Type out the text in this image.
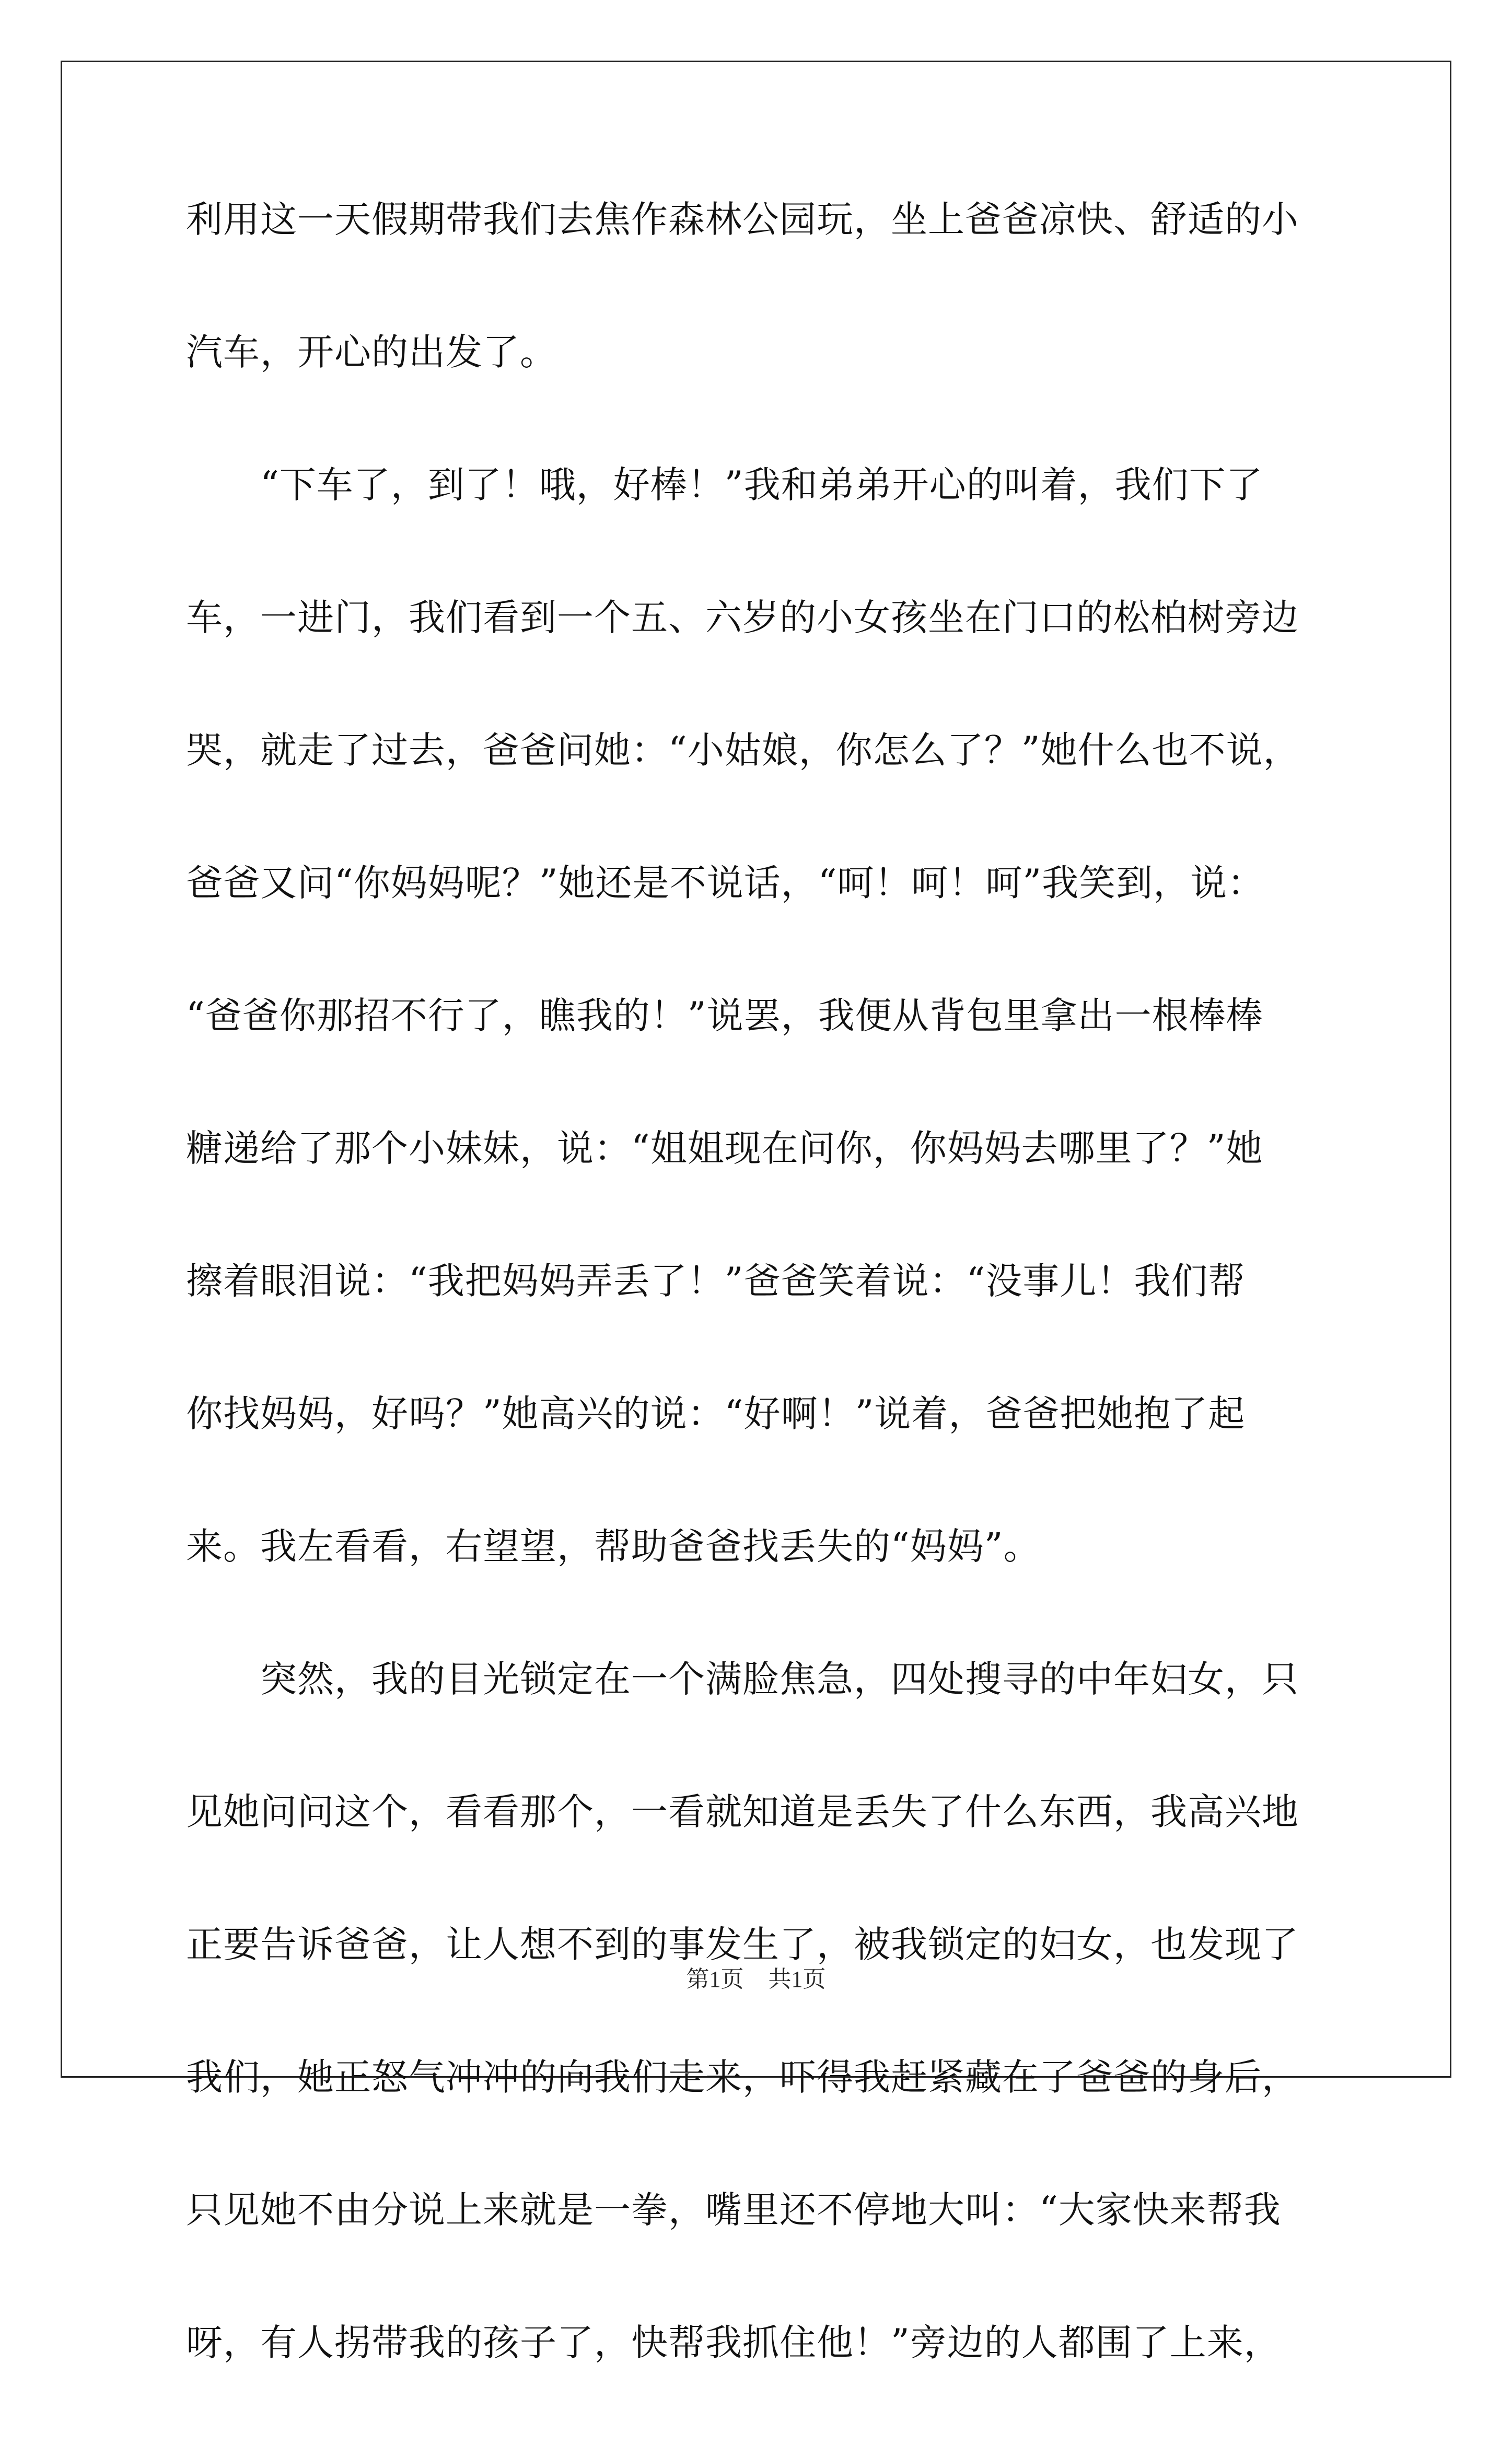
利用这一天假期带我们去焦作森林公园玩，坐上爸爸凉快、舒适的小
汽车，开心的出发了。
　　“下车了，到了！哦，好棒！”我和弟弟开心的叫着，我们下了
车，一进门，我们看到一个五、六岁的小女孩坐在门口的松柏树旁边
哭，就走了过去，爸爸问她：“小姑娘，你怎么了？”她什么也不说，
爸爸又问“你妈妈呢？”她还是不说话，“呵！呵！呵”我笑到，说：
“爸爸你那招不行了，瞧我的！”说罢，我便从背包里拿出一根棒棒
糖递给了那个小妹妹，说：“姐姐现在问你，你妈妈去哪里了？”她
擦着眼泪说：“我把妈妈弄丢了！”爸爸笑着说：“没事儿！我们帮
你找妈妈，好吗？”她高兴的说：“好啊！”说着，爸爸把她抱了起
来。我左看看，右望望，帮助爸爸找丢失的“妈妈”。
　　突然，我的目光锁定在一个满脸焦急，四处搜寻的中年妇女，只
见她问问这个，看看那个，一看就知道是丢失了什么东西，我高兴地
正要告诉爸爸，让人想不到的事发生了，被我锁定的妇女，也发现了
我们，她正怒气冲冲的向我们走来，吓得我赶紧藏在了爸爸的身后，
只见她不由分说上来就是一拳，嘴里还不停地大叫：“大家快来帮我
呀，有人拐带我的孩子了，快帮我抓住他！”旁边的人都围了上来，
第1页 共1页
